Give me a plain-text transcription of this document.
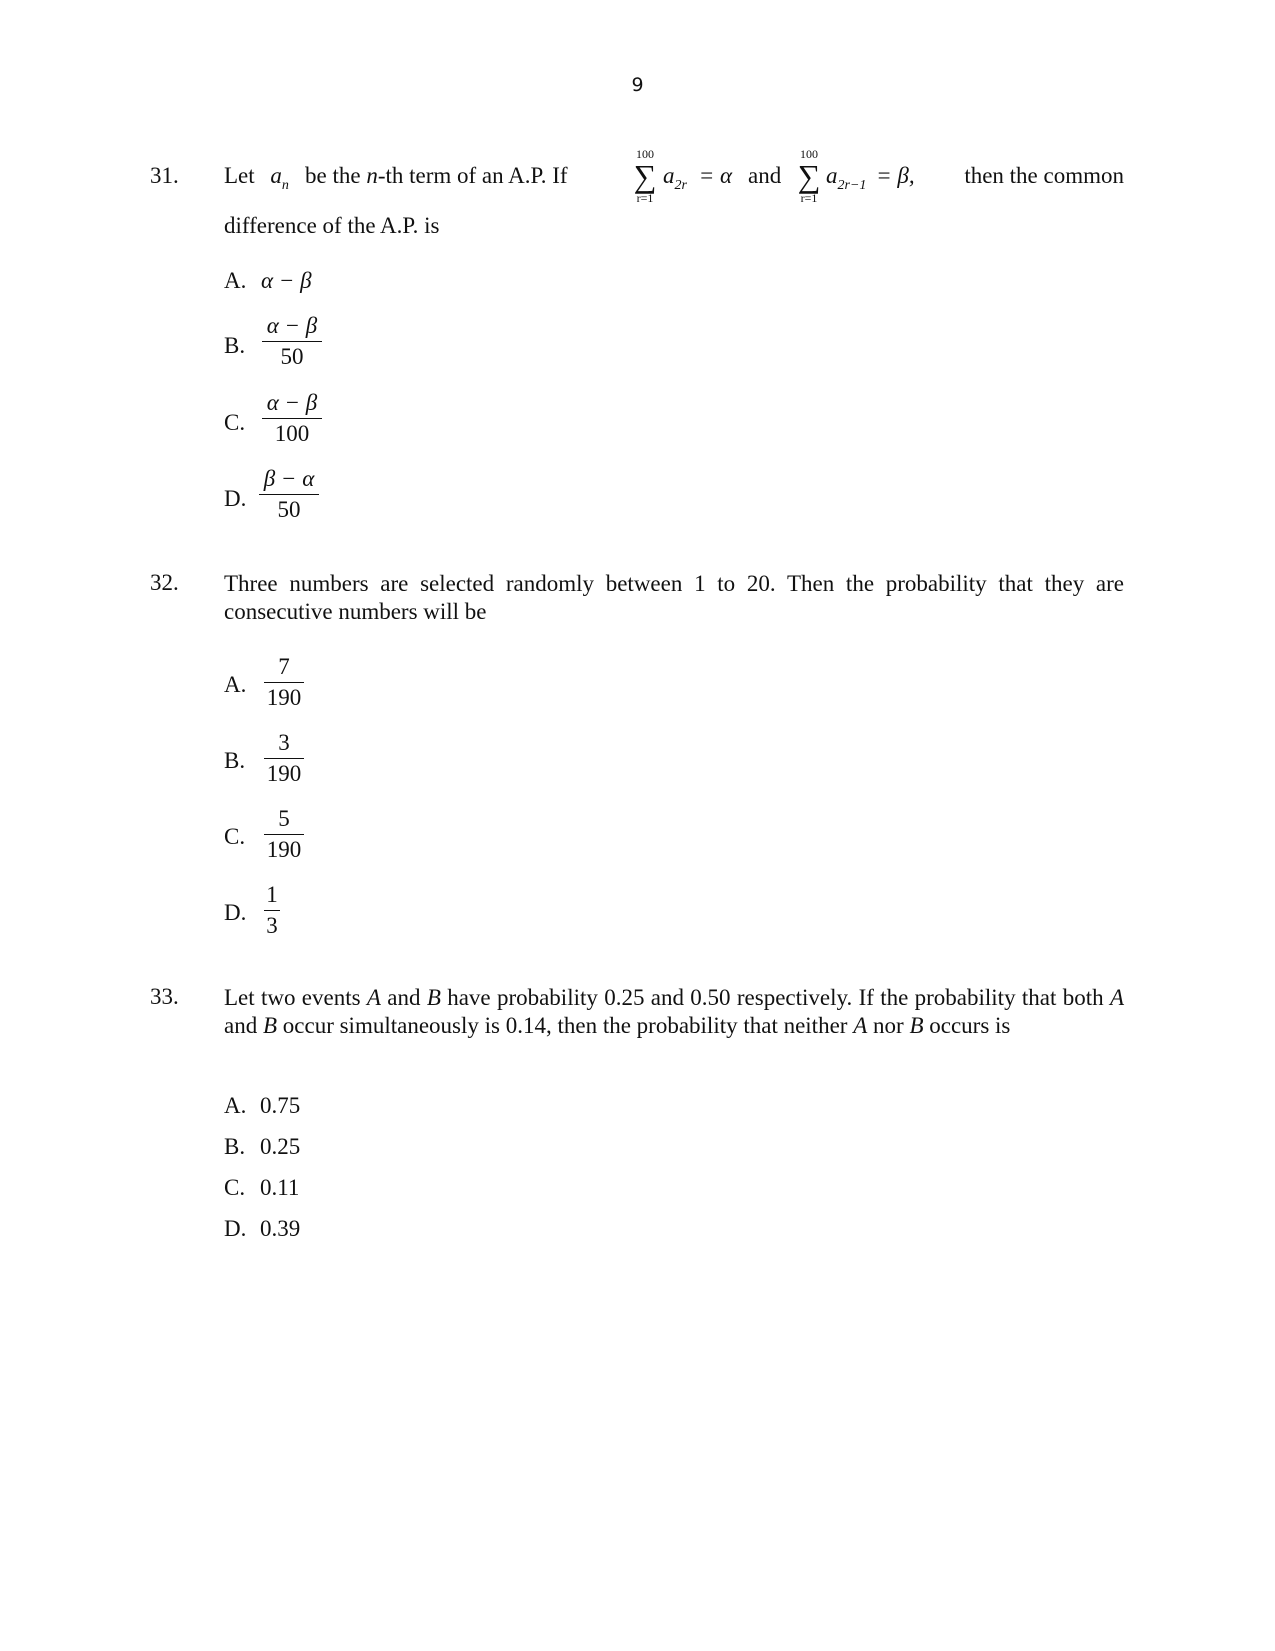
9
31. Let $a_n$ be the n-th term of an A.P. If
100
∑
r=1
$a_{2r} = \alpha$ and
100
∑
r=1
$a_{2r-1} = \beta$,	then the common
difference of the A.P. is
A. α − β
B.
α − β
50
C.
α − β
100
D.
β − α
50
32. Three numbers are selected randomly between 1 to 20. Then the probability that they are consecutive numbers will be
A.
7
190
B.
3
190
C.
5
190
D.
1
3
33. Let two events A and B have probability 0.25 and 0.50 respectively. If the probability that both A and B occur simultaneously is 0.14, then the probability that neither A nor B occurs is
A. 0.75
B. 0.25
C. 0.11
D. 0.39
